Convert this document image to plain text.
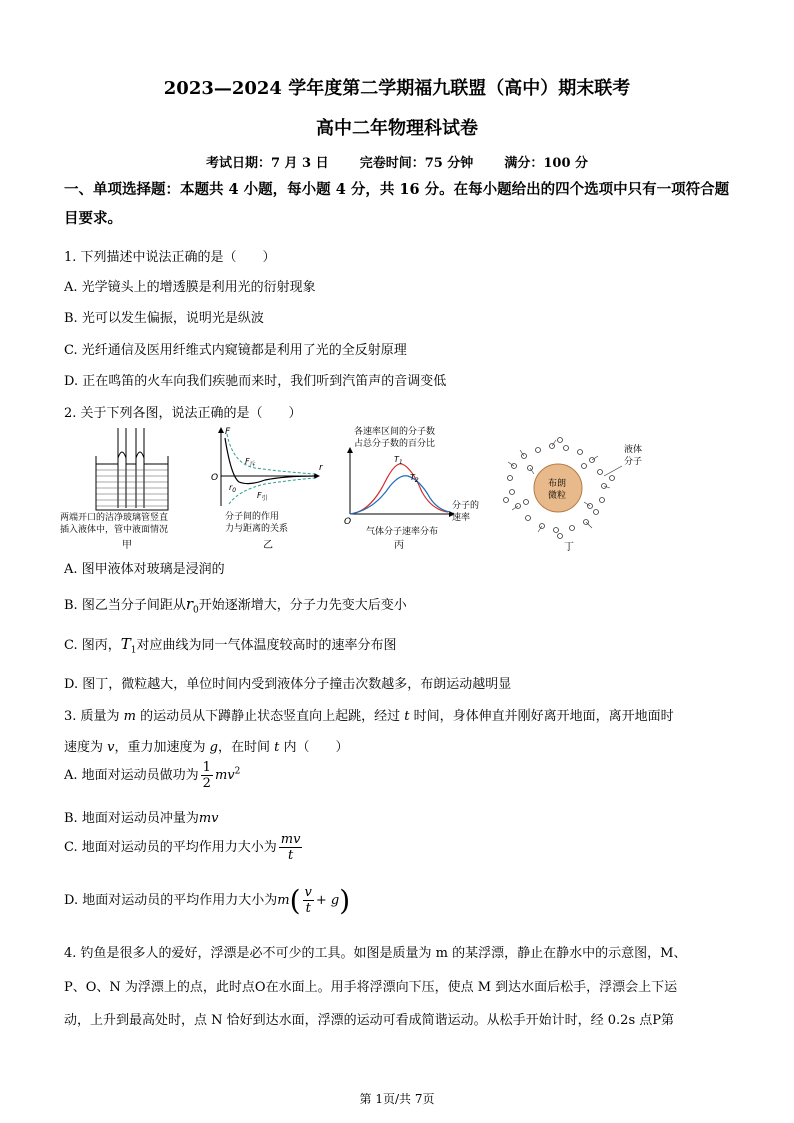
2023—2024 学年度第二学期福九联盟（高中）期末联考
高中二年物理科试卷
考试日期：7 月 3 日 完卷时间：75 分钟 满分：100 分
一、单项选择题：本题共 4 小题，每小题 4 分，共 16 分。在每小题给出的四个选项中只有一项符合题目要求。
1. 下列描述中说法正确的是（　　）
A. 光学镜头上的增透膜是利用光的衍射现象
B. 光可以发生偏振，说明光是纵波
C. 光纤通信及医用纤维式内窥镜都是利用了光的全反射原理
D. 正在鸣笛的火车向我们疾驰而来时，我们听到汽笛声的音调变低
2. 关于下列各图，说法正确的是（　　）
两端开口的洁净玻璃管竖直
插入液体中，管中液面情况
甲
F
O
r
$r_0$
$F_斥$
$F_引$
分子间的作用
力与距离的关系
乙
各速率区间的分子数
占总分子数的百分比
$T_1$
$T_2$
分子的
速率
O
气体分子速率分布
丙
布朗
微粒
液体
分子
丁
A. 图甲液体对玻璃是浸润的
B. 图乙当分子间距从$r_0$开始逐渐增大，分子力先变大后变小
C. 图丙，$T_1$对应曲线为同一气体温度较高时的速率分布图
D. 图丁，微粒越大，单位时间内受到液体分子撞击次数越多，布朗运动越明显
3. 质量为 m 的运动员从下蹲静止状态竖直向上起跳，经过 t 时间，身体伸直并刚好离开地面，离开地面时
速度为 v，重力加速度为 g，在时间 t 内（　　）
A. 地面对运动员做功为 $\frac{1}{2} mv^2$
B. 地面对运动员冲量为mv
C. 地面对运动员的平均作用力大小为 $\frac{mv}{t}$
D. 地面对运动员的平均作用力大小为$m( \frac{v}{t} + g)$
4. 钓鱼是很多人的爱好，浮漂是必不可少的工具。如图是质量为 m 的某浮漂，静止在静水中的示意图，M、
P、O、N 为浮漂上的点，此时点O在水面上。用手将浮漂向下压，使点 M 到达水面后松手，浮漂会上下运
动，上升到最高处时，点 N 恰好到达水面，浮漂的运动可看成简谐运动。从松手开始计时，经 0.2s 点P第
第 1页/共 7页
